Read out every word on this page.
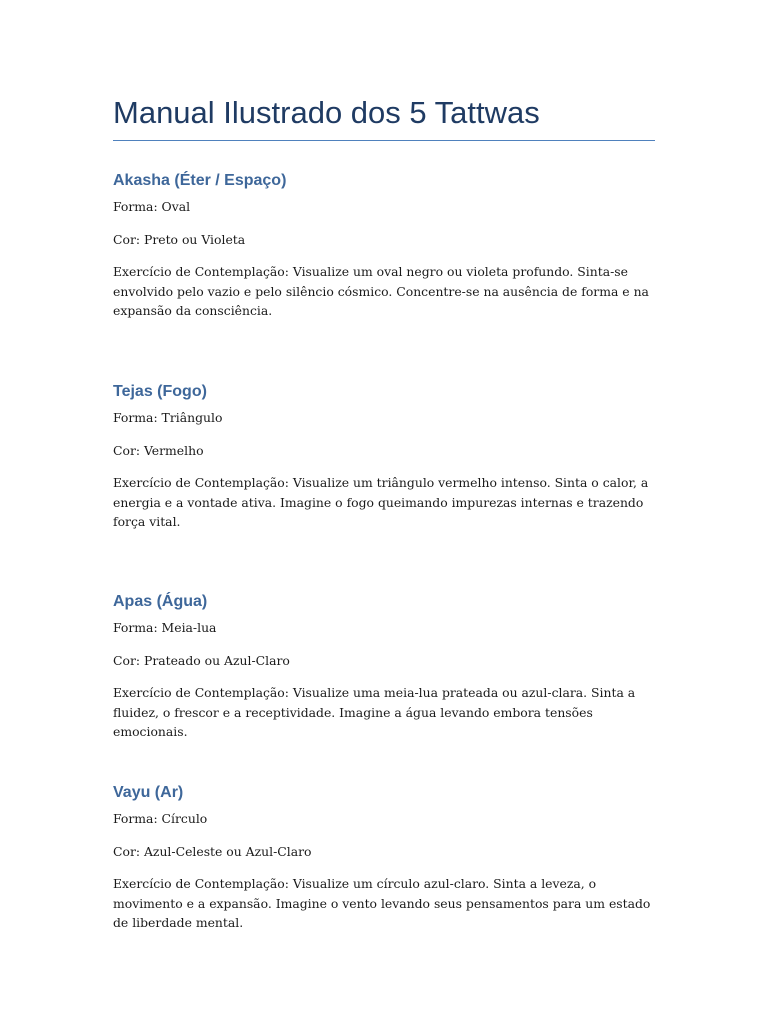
Manual Ilustrado dos 5 Tattwas
Akasha (Éter / Espaço)

Forma: Oval

Cor: Preto ou Violeta

Exercício de Contemplação: Visualize um oval negro ou violeta profundo. Sinta-se envolvido pelo vazio e pelo silêncio cósmico. Concentre-se na ausência de forma e na expansão da consciência.

Tejas (Fogo)

Forma: Triângulo

Cor: Vermelho

Exercício de Contemplação: Visualize um triângulo vermelho intenso. Sinta o calor, a energia e a vontade ativa. Imagine o fogo queimando impurezas internas e trazendo força vital.

Apas (Água)

Forma: Meia-lua

Cor: Prateado ou Azul-Claro

Exercício de Contemplação: Visualize uma meia-lua prateada ou azul-clara. Sinta a fluidez, o frescor e a receptividade. Imagine a água levando embora tensões emocionais.

Vayu (Ar)

Forma: Círculo

Cor: Azul-Celeste ou Azul-Claro

Exercício de Contemplação: Visualize um círculo azul-claro. Sinta a leveza, o movimento e a expansão. Imagine o vento levando seus pensamentos para um estado de liberdade mental.
